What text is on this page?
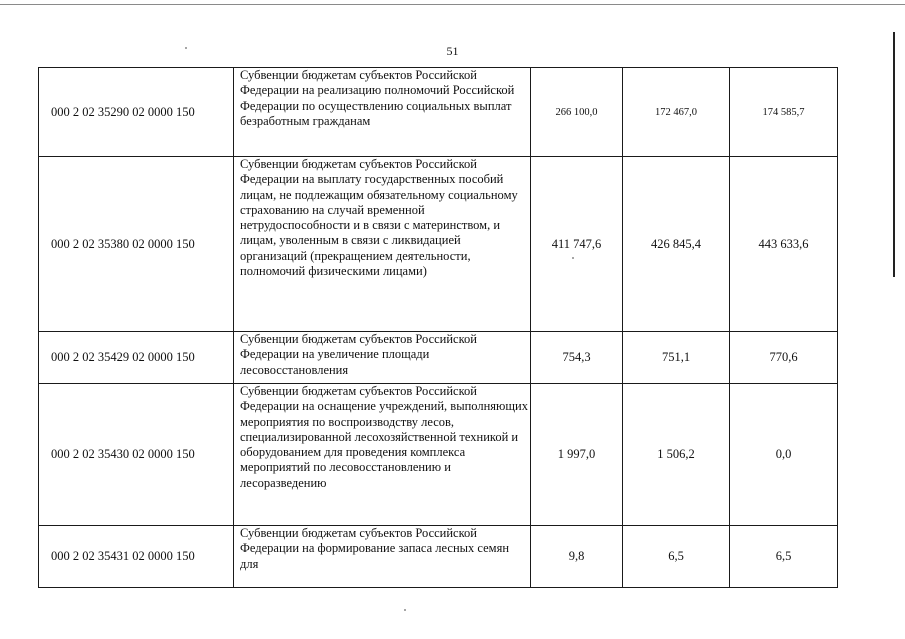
51
000 2 02 35290 02 0000 150	Субвенции бюджетам субъектов Российской Федерации на реализацию полномочий Российской Федерации по осуществлению социальных выплат безработным гражданам	266 100,0	172 467,0	174 585,7
000 2 02 35380 02 0000 150	Субвенции бюджетам субъектов Российской Федерации на выплату государственных пособий лицам, не подлежащим обязательному социальному страхованию на случай временной нетрудоспособности и в связи с материнством, и лицам, уволенным в связи с ликвидацией организаций (прекращением деятельности, полномочий физическими лицами)	411 747,6	426 845,4	443 633,6
000 2 02 35429 02 0000 150	Субвенции бюджетам субъектов Российской Федерации на увеличение площади лесовосстановления	754,3	751,1	770,6
000 2 02 35430 02 0000 150	Субвенции бюджетам субъектов Российской Федерации на оснащение учреждений, выполняющих мероприятия по воспроизводству лесов, специализированной лесохозяйственной техникой и оборудованием для проведения комплекса мероприятий по лесовосстановлению и лесоразведению	1 997,0	1 506,2	0,0
000 2 02 35431 02 0000 150	Субвенции бюджетам субъектов Российской Федерации на формирование запаса лесных семян для	9,8	6,5	6,5
